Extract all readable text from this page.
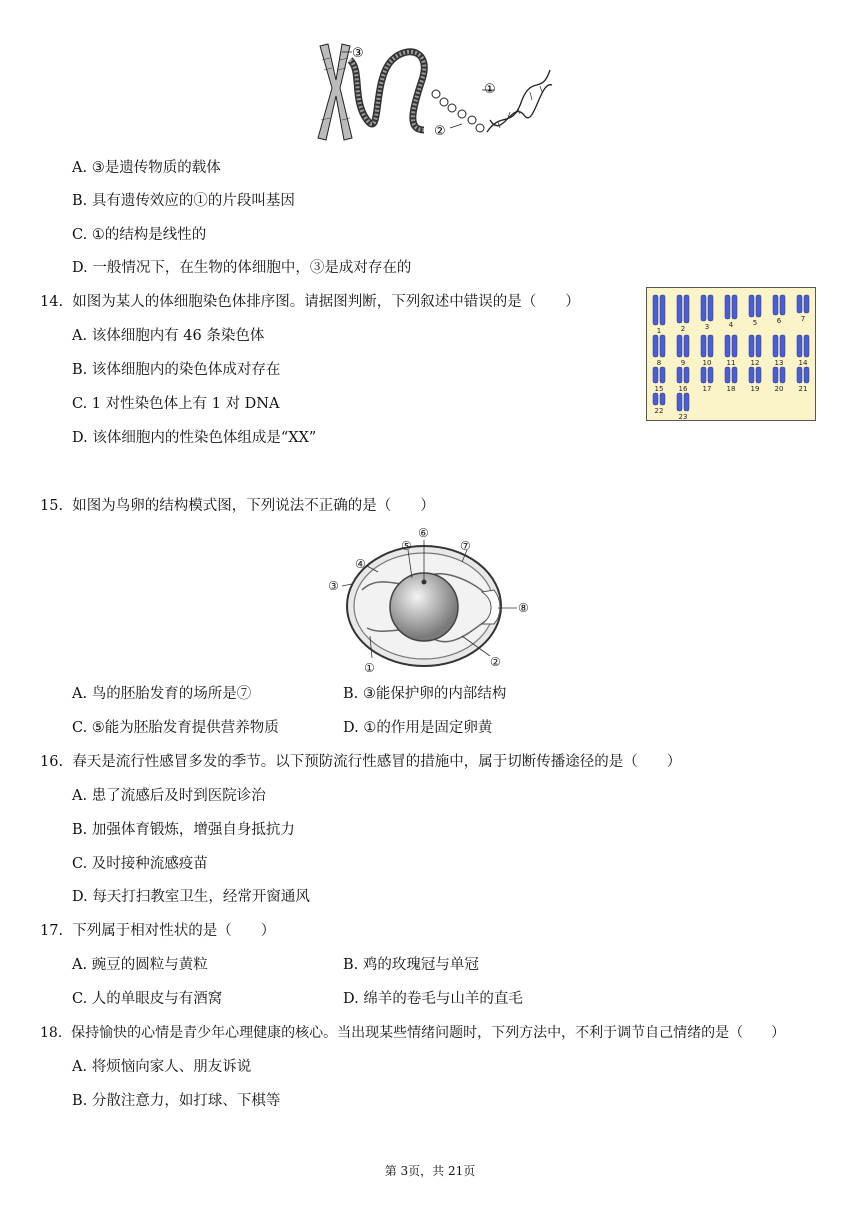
③
①
②
A. ③是遗传物质的载体
B. 具有遗传效应的①的片段叫基因
C. ①的结构是线性的
D. 一般情况下，在生物的体细胞中，③是成对存在的
14. 如图为某人的体细胞染色体排序图。请据图判断，下列叙述中错误的是（　　）
A. 该体细胞内有 46 条染色体
B. 该体细胞内的染色体成对存在
C. 1 对性染色体上有 1 对 DNA
D. 该体细胞内的性染色体组成是“XX”
1	2	3	4	5	6	7
8	9 10 11 12 13 14
15 16 17 18 19 20 21
22
23
15. 如图为鸟卵的结构模式图，下列说法不正确的是（　　）
⑥
⑤
④
⑦
③
⑧
②
①
A. 鸟的胚胎发育的场所是⑦	B. ③能保护卵的内部结构
C. ⑤能为胚胎发育提供营养物质	D. ①的作用是固定卵黄
16. 春天是流行性感冒多发的季节。以下预防流行性感冒的措施中，属于切断传播途径的是（　　）
A. 患了流感后及时到医院诊治
B. 加强体育锻炼，增强自身抵抗力
C. 及时接种流感疫苗
D. 每天打扫教室卫生，经常开窗通风
17. 下列属于相对性状的是（　　）
A. 豌豆的圆粒与黄粒	B. 鸡的玫瑰冠与单冠
C. 人的单眼皮与有酒窝	D. 绵羊的卷毛与山羊的直毛
18. 保持愉快的心情是青少年心理健康的核心。当出现某些情绪问题时，下列方法中，不利于调节自己情绪的是（　　）
A. 将烦恼向家人、朋友诉说
B. 分散注意力，如打球、下棋等
第 3页，共 21页
